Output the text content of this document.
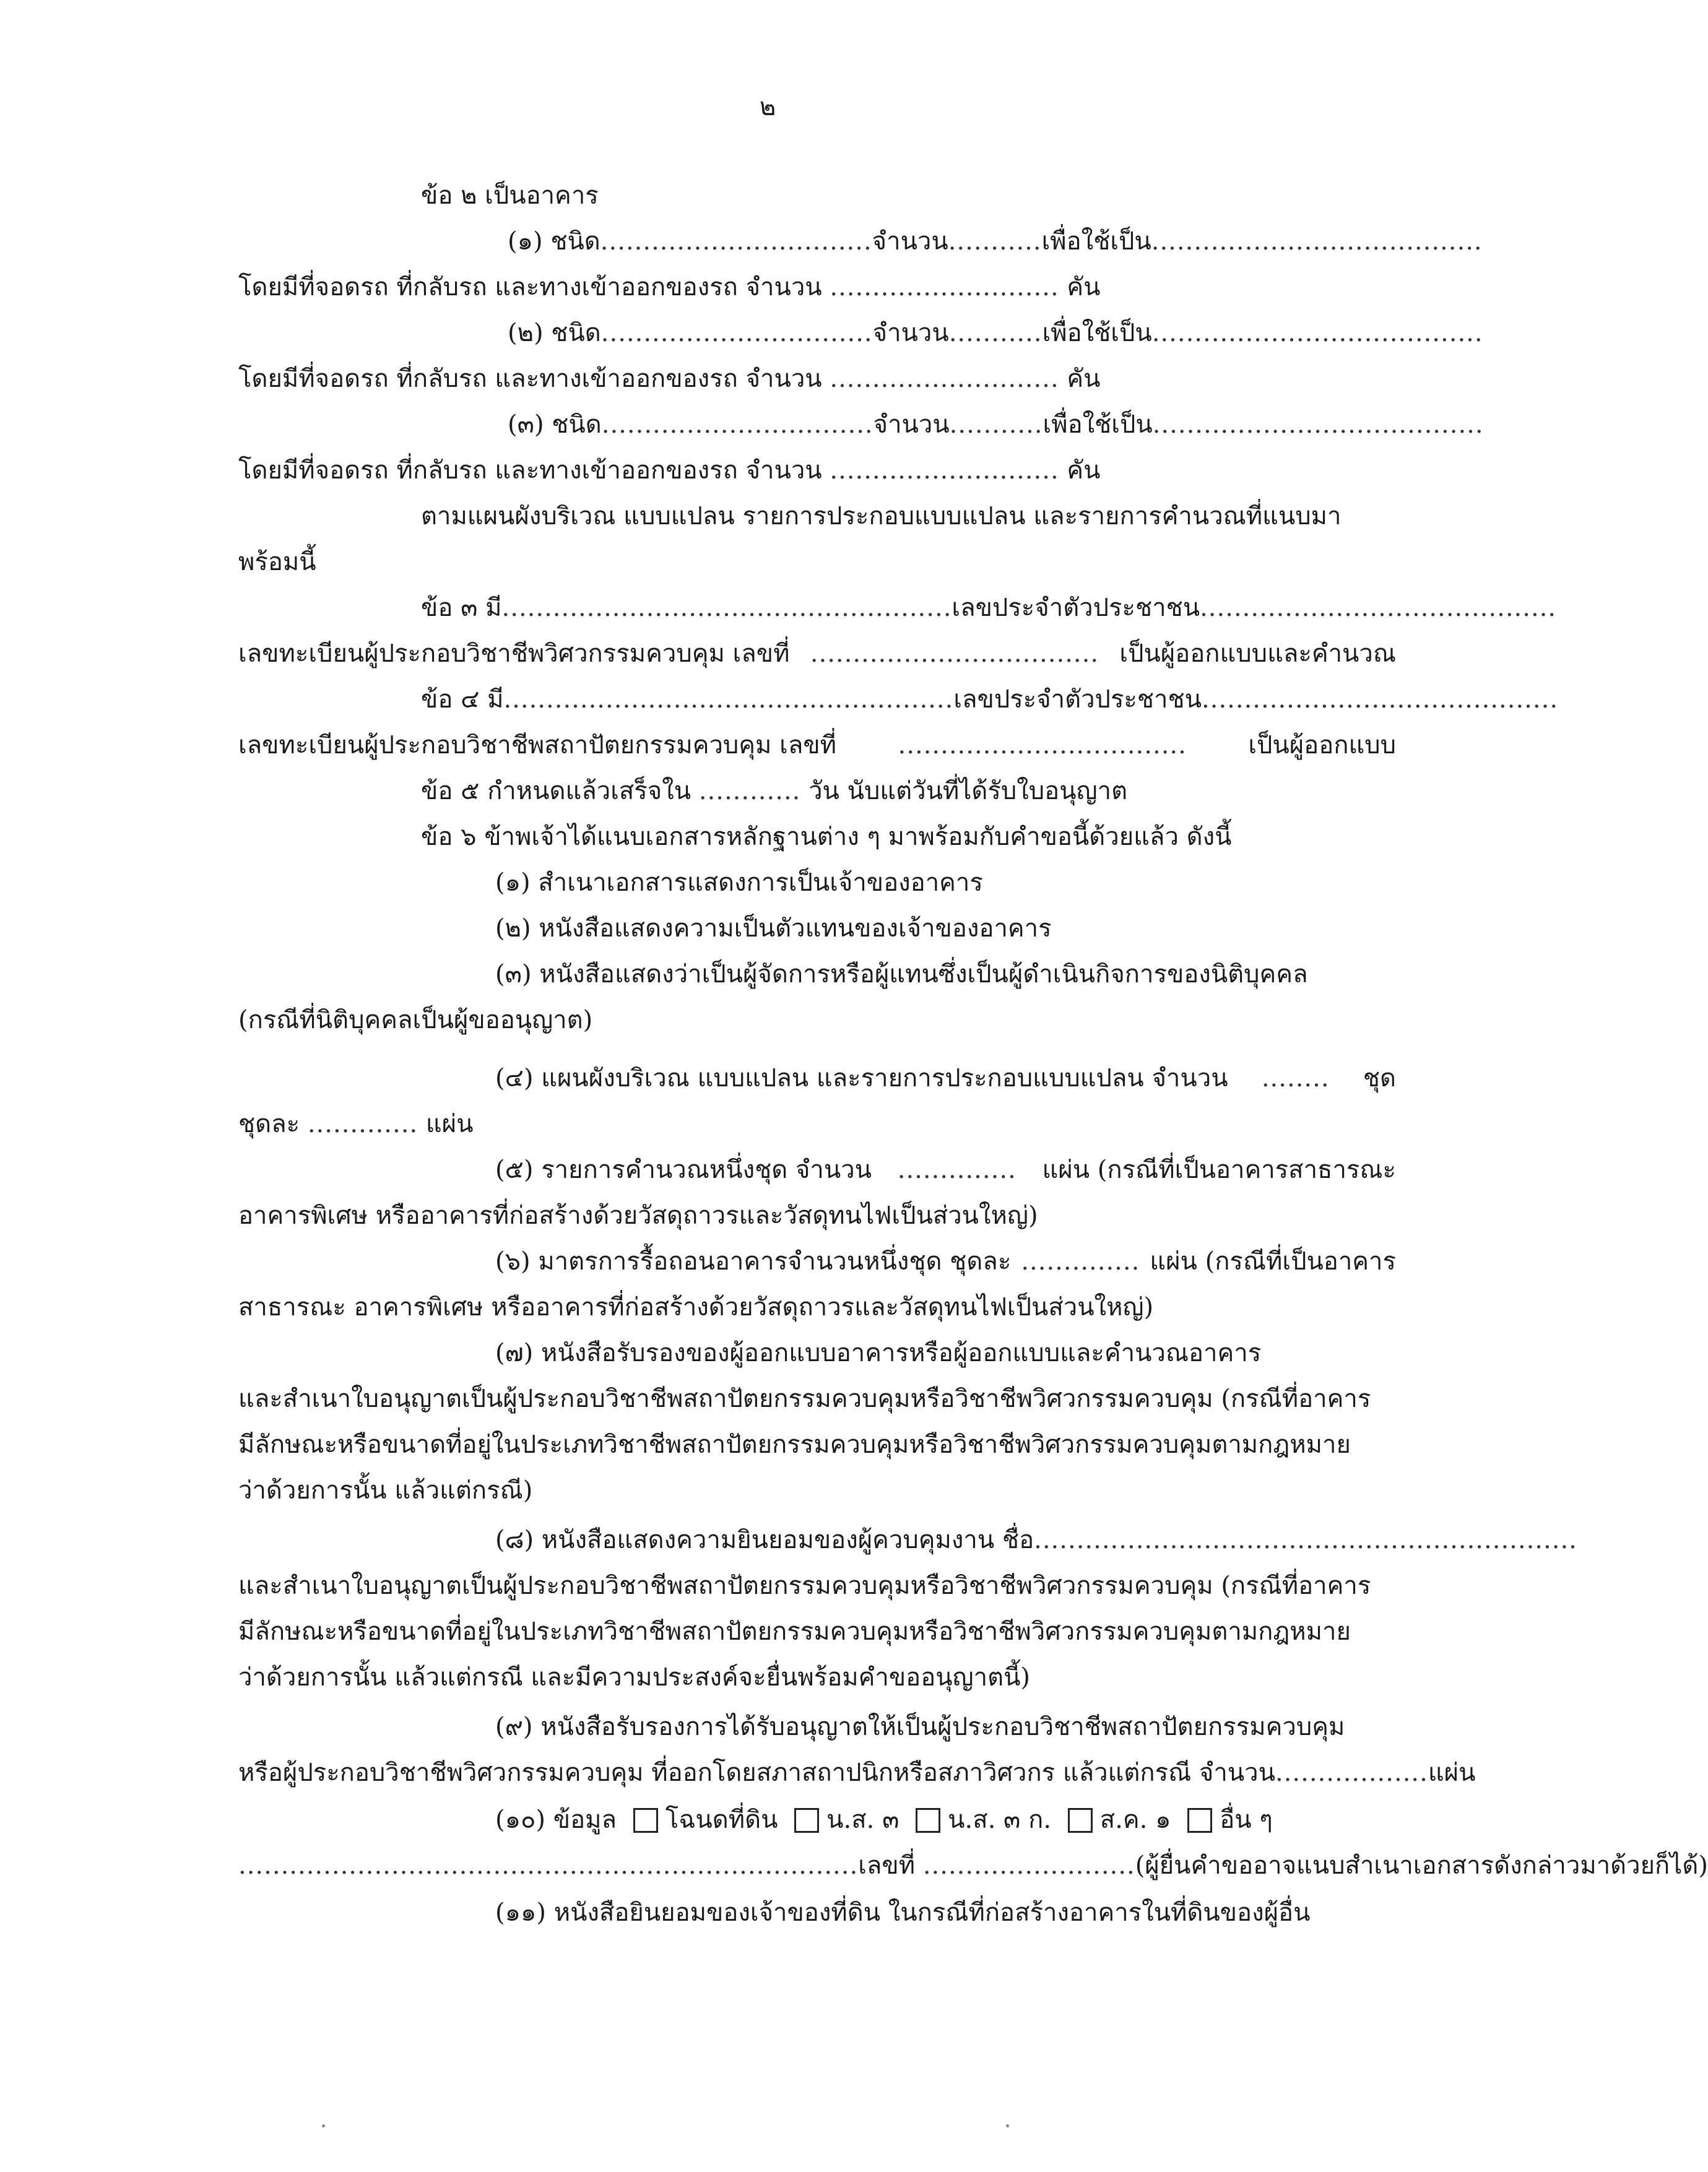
๒
ข้อ ๒ เป็นอาคาร
(๑) ชนิด ................................ จำนวน ........... เพื่อใช้เป็น .......................................
โดยมีที่จอดรถ ที่กลับรถ และทางเข้าออกของรถ จำนวน ........................... คัน
(๒) ชนิด ................................ จำนวน ........... เพื่อใช้เป็น .......................................
โดยมีที่จอดรถ ที่กลับรถ และทางเข้าออกของรถ จำนวน ........................... คัน
(๓) ชนิด ................................ จำนวน ........... เพื่อใช้เป็น .......................................
โดยมีที่จอดรถ ที่กลับรถ และทางเข้าออกของรถ จำนวน ........................... คัน
ตามแผนผังบริเวณ แบบแปลน รายการประกอบแบบแปลน และรายการคำนวณที่แนบมา
พร้อมนี้
ข้อ ๓ มี ..................................................... เลขประจำตัวประชาชน ..........................................
เลขทะเบียนผู้ประกอบวิชาชีพวิศวกรรมควบคุม เลขที่ .................................. เป็นผู้ออกแบบและคำนวณ
ข้อ ๔ มี ..................................................... เลขประจำตัวประชาชน ..........................................
เลขทะเบียนผู้ประกอบวิชาชีพสถาปัตยกรรมควบคุม เลขที่ .................................. เป็นผู้ออกแบบ
ข้อ ๕ กำหนดแล้วเสร็จใน ............ วัน นับแต่วันที่ได้รับใบอนุญาต
ข้อ ๖ ข้าพเจ้าได้แนบเอกสารหลักฐานต่าง ๆ มาพร้อมกับคำขอนี้ด้วยแล้ว ดังนี้
(๑) สำเนาเอกสารแสดงการเป็นเจ้าของอาคาร
(๒) หนังสือแสดงความเป็นตัวแทนของเจ้าของอาคาร
(๓) หนังสือแสดงว่าเป็นผู้จัดการหรือผู้แทนซึ่งเป็นผู้ดำเนินกิจการของนิติบุคคล
(กรณีที่นิติบุคคลเป็นผู้ขออนุญาต)
(๔) แผนผังบริเวณ แบบแปลน และรายการประกอบแบบแปลน จำนวน ........ ชุด
ชุดละ ............. แผ่น
(๕) รายการคำนวณหนึ่งชุด จำนวน .............. แผ่น (กรณีที่เป็นอาคารสาธารณะ
อาคารพิเศษ หรืออาคารที่ก่อสร้างด้วยวัสดุถาวรและวัสดุทนไฟเป็นส่วนใหญ่)
(๖) มาตรการรื้อถอนอาคารจำนวนหนึ่งชุด ชุดละ .............. แผ่น (กรณีที่เป็นอาคาร
สาธารณะ อาคารพิเศษ หรืออาคารที่ก่อสร้างด้วยวัสดุถาวรและวัสดุทนไฟเป็นส่วนใหญ่)
(๗) หนังสือรับรองของผู้ออกแบบอาคารหรือผู้ออกแบบและคำนวณอาคาร
และสำเนาใบอนุญาตเป็นผู้ประกอบวิชาชีพสถาปัตยกรรมควบคุมหรือวิชาชีพวิศวกรรมควบคุม (กรณีที่อาคาร
มีลักษณะหรือขนาดที่อยู่ในประเภทวิชาชีพสถาปัตยกรรมควบคุมหรือวิชาชีพวิศวกรรมควบคุมตามกฎหมาย
ว่าด้วยการนั้น แล้วแต่กรณี)
(๘) หนังสือแสดงความยินยอมของผู้ควบคุมงาน ชื่อ ................................................................
และสำเนาใบอนุญาตเป็นผู้ประกอบวิชาชีพสถาปัตยกรรมควบคุมหรือวิชาชีพวิศวกรรมควบคุม (กรณีที่อาคาร
มีลักษณะหรือขนาดที่อยู่ในประเภทวิชาชีพสถาปัตยกรรมควบคุมหรือวิชาชีพวิศวกรรมควบคุมตามกฎหมาย
ว่าด้วยการนั้น แล้วแต่กรณี และมีความประสงค์จะยื่นพร้อมคำขออนุญาตนี้)
(๙) หนังสือรับรองการได้รับอนุญาตให้เป็นผู้ประกอบวิชาชีพสถาปัตยกรรมควบคุม
หรือผู้ประกอบวิชาชีพวิศวกรรมควบคุม ที่ออกโดยสภาสถาปนิกหรือสภาวิศวกร แล้วแต่กรณี จำนวน .................. แผ่น
(๑๐) ข้อมูล โฉนดที่ดิน น.ส. ๓ น.ส. ๓ ก. ส.ค. ๑ อื่น ๆ
......................................................................... เลขที่ ......................... (ผู้ยื่นคำขออาจแนบสำเนาเอกสารดังกล่าวมาด้วยก็ได้)
(๑๑) หนังสือยินยอมของเจ้าของที่ดิน ในกรณีที่ก่อสร้างอาคารในที่ดินของผู้อื่น
